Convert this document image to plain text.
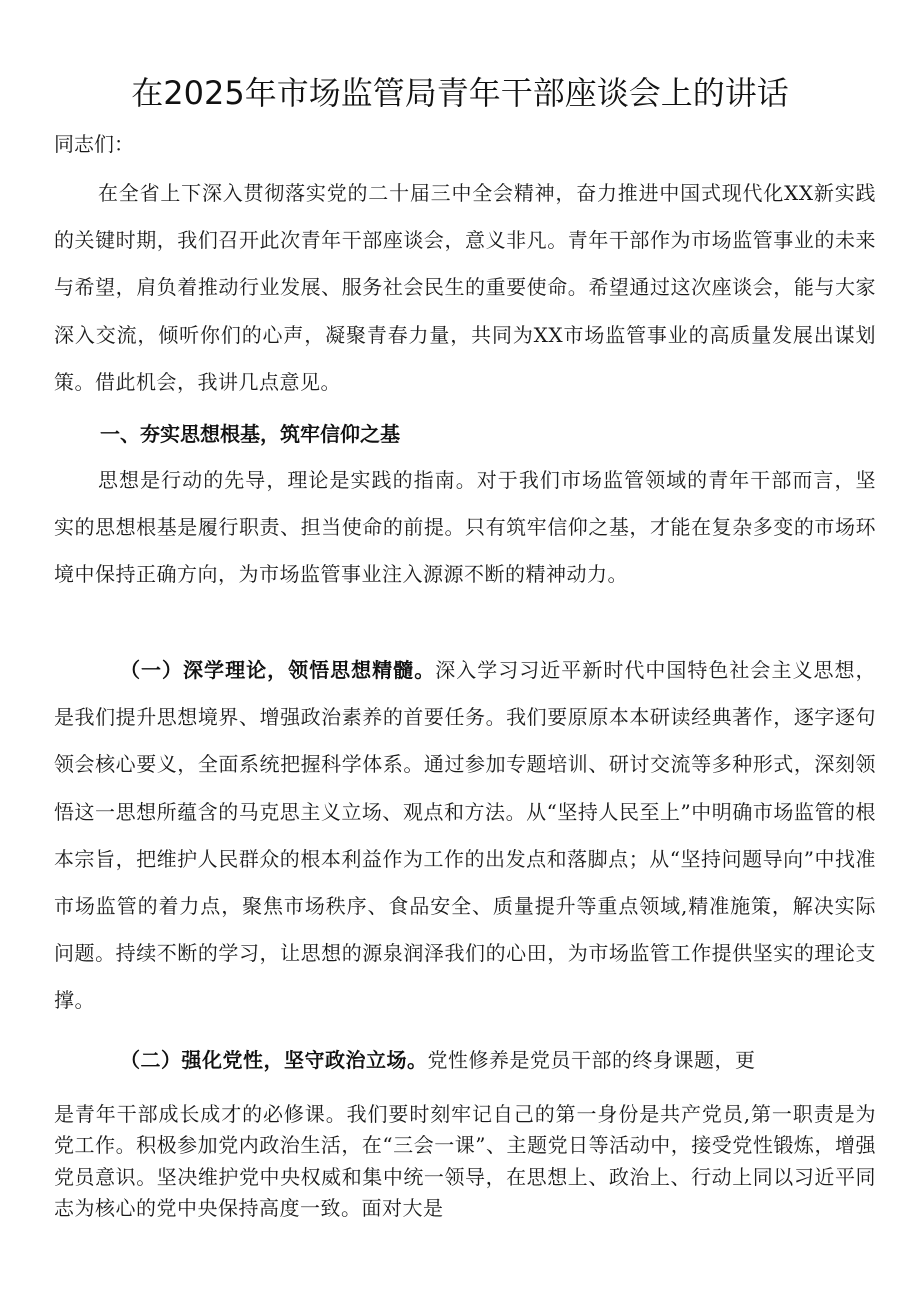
在2025年市场监管局青年干部座谈会上的讲话

同志们：

在全省上下深入贯彻落实党的二十届三中全会精神，奋力推进中国式现代化XX新实践的关键时期，我们召开此次青年干部座谈会，意义非凡。青年干部作为市场监管事业的未来与希望，肩负着推动行业发展、服务社会民生的重要使命。希望通过这次座谈会，能与大家深入交流，倾听你们的心声，凝聚青春力量，共同为XX市场监管事业的高质量发展出谋划策。借此机会，我讲几点意见。

一、夯实思想根基，筑牢信仰之基

思想是行动的先导，理论是实践的指南。对于我们市场监管领域的青年干部而言，坚实的思想根基是履行职责、担当使命的前提。只有筑牢信仰之基，才能在复杂多变的市场环境中保持正确方向，为市场监管事业注入源源不断的精神动力。

（一）深学理论，领悟思想精髓。深入学习习近平新时代中国特色社会主义思想，是我们提升思想境界、增强政治素养的首要任务。我们要原原本本研读经典著作，逐字逐句领会核心要义，全面系统把握科学体系。通过参加专题培训、研讨交流等多种形式，深刻领悟这一思想所蕴含的马克思主义立场、观点和方法。从“坚持人民至上”中明确市场监管的根本宗旨，把维护人民群众的根本利益作为工作的出发点和落脚点；从“坚持问题导向”中找准市场监管的着力点，聚焦市场秩序、食品安全、质量提升等重点领域,精准施策，解决实际问题。持续不断的学习，让思想的源泉润泽我们的心田，为市场监管工作提供坚实的理论支撑。

（二）强化党性，坚守政治立场。党性修养是党员干部的终身课题，更

是青年干部成长成才的必修课。我们要时刻牢记自己的第一身份是共产党员,第一职责是为党工作。积极参加党内政治生活，在“三会一课”、主题党日等活动中，接受党性锻炼，增强党员意识。坚决维护党中央权威和集中统一领导，在思想上、政治上、行动上同以习近平同志为核心的党中央保持高度一致。面对大是
